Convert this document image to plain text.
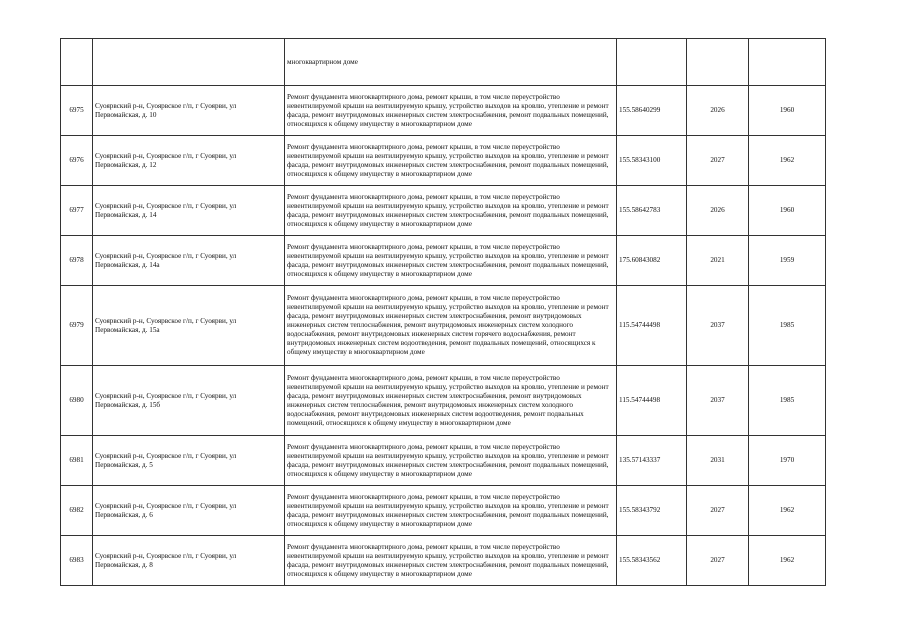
		многоквартирном доме			
6975	Суоярвский р-н, Суоярвское г/п, г Суоярви, ул Первомайская, д. 10	Ремонт фундамента многоквартирного дома, ремонт крыши, в том числе переустройство невентилируемой крыши на вентилируемую крышу, устройство выходов на кровлю, утепление и ремонт фасада, ремонт внутридомовых инженерных систем электроснабжения, ремонт подвальных помещений, относящихся к общему имуществу в многоквартирном доме	155.58640299	2026	1960
6976	Суоярвский р-н, Суоярвское г/п, г Суоярви, ул Первомайская, д. 12	Ремонт фундамента многоквартирного дома, ремонт крыши, в том числе переустройство невентилируемой крыши на вентилируемую крышу, устройство выходов на кровлю, утепление и ремонт фасада, ремонт внутридомовых инженерных систем электроснабжения, ремонт подвальных помещений, относящихся к общему имуществу в многоквартирном доме	155.58343100	2027	1962
6977	Суоярвский р-н, Суоярвское г/п, г Суоярви, ул Первомайская, д. 14	Ремонт фундамента многоквартирного дома, ремонт крыши, в том числе переустройство невентилируемой крыши на вентилируемую крышу, устройство выходов на кровлю, утепление и ремонт фасада, ремонт внутридомовых инженерных систем электроснабжения, ремонт подвальных помещений, относящихся к общему имуществу в многоквартирном доме	155.58642783	2026	1960
6978	Суоярвский р-н, Суоярвское г/п, г Суоярви, ул Первомайская, д. 14а	Ремонт фундамента многоквартирного дома, ремонт крыши, в том числе переустройство невентилируемой крыши на вентилируемую крышу, устройство выходов на кровлю, утепление и ремонт фасада, ремонт внутридомовых инженерных систем электроснабжения, ремонт подвальных помещений, относящихся к общему имуществу в многоквартирном доме	175.60843082	2021	1959
6979	Суоярвский р-н, Суоярвское г/п, г Суоярви, ул Первомайская, д. 15а	Ремонт фундамента многоквартирного дома, ремонт крыши, в том числе переустройство невентилируемой крыши на вентилируемую крышу, устройство выходов на кровлю, утепление и ремонт фасада, ремонт внутридомовых инженерных систем электроснабжения, ремонт внутридомовых инженерных систем теплоснабжения, ремонт внутридомовых инженерных систем холодного водоснабжения, ремонт внутридомовых инженерных систем горячего водоснабжения, ремонт внутридомовых инженерных систем водоотведения, ремонт подвальных помещений, относящихся к общему имуществу в многоквартирном доме	115.54744498	2037	1985
6980	Суоярвский р-н, Суоярвское г/п, г Суоярви, ул Первомайская, д. 15б	Ремонт фундамента многоквартирного дома, ремонт крыши, в том числе переустройство невентилируемой крыши на вентилируемую крышу, устройство выходов на кровлю, утепление и ремонт фасада, ремонт внутридомовых инженерных систем электроснабжения, ремонт внутридомовых инженерных систем теплоснабжения, ремонт внутридомовых инженерных систем холодного водоснабжения, ремонт внутридомовых инженерных систем водоотведения, ремонт подвальных помещений, относящихся к общему имуществу в многоквартирном доме	115.54744498	2037	1985
6981	Суоярвский р-н, Суоярвское г/п, г Суоярви, ул Первомайская, д. 5	Ремонт фундамента многоквартирного дома, ремонт крыши, в том числе переустройство невентилируемой крыши на вентилируемую крышу, устройство выходов на кровлю, утепление и ремонт фасада, ремонт внутридомовых инженерных систем электроснабжения, ремонт подвальных помещений, относящихся к общему имуществу в многоквартирном доме	135.57143337	2031	1970
6982	Суоярвский р-н, Суоярвское г/п, г Суоярви, ул Первомайская, д. 6	Ремонт фундамента многоквартирного дома, ремонт крыши, в том числе переустройство невентилируемой крыши на вентилируемую крышу, устройство выходов на кровлю, утепление и ремонт фасада, ремонт внутридомовых инженерных систем электроснабжения, ремонт подвальных помещений, относящихся к общему имуществу в многоквартирном доме	155.58343792	2027	1962
6983	Суоярвский р-н, Суоярвское г/п, г Суоярви, ул Первомайская, д. 8	Ремонт фундамента многоквартирного дома, ремонт крыши, в том числе переустройство невентилируемой крыши на вентилируемую крышу, устройство выходов на кровлю, утепление и ремонт фасада, ремонт внутридомовых инженерных систем электроснабжения, ремонт подвальных помещений, относящихся к общему имуществу в многоквартирном доме	155.58343562	2027	1962
